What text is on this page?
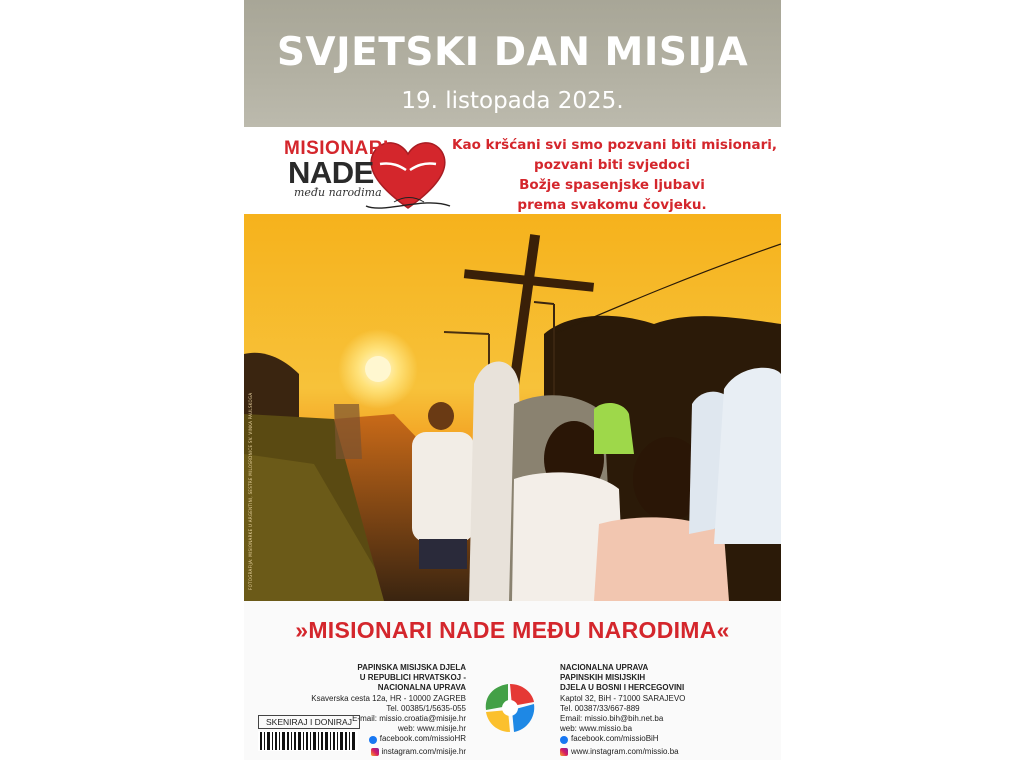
SVJETSKI DAN MISIJA
19. listopada 2025.
MISIONARI
NADE
među narodima
Kao kršćani svi smo pozvani biti misionari,
pozvani biti svjedoci
Božje spasenjske ljubavi
prema svakomu čovjeku.
FOTOGRAFIJA: MISIONARKE U ARGENTINI, SESTRE MILOSRDNICE SV. VINKA PAULSKOGA
»MISIONARI NADE MEĐU NARODIMA«
PAPINSKA MISIJSKA DJELA
U REPUBLICI HRVATSKOJ -
NACIONALNA UPRAVA
Ksaverska cesta 12a, HR - 10000 ZAGREB
Tel. 00385/1/5635-055
E-mail: missio.croatia@misije.hr
web: www.misije.hr
facebook.com/missioHR
instagram.com/misije.hr
NACIONALNA UPRAVA
PAPINSKIH MISIJSKIH
DJELA U BOSNI I HERCEGOVINI
Kaptol 32, BiH - 71000 SARAJEVO
Tel. 00387/33/667-889
Email: missio.bih@bih.net.ba
web: www.missio.ba
facebook.com/missioBiH
www.instagram.com/missio.ba
SKENIRAJ I DONIRAJ
